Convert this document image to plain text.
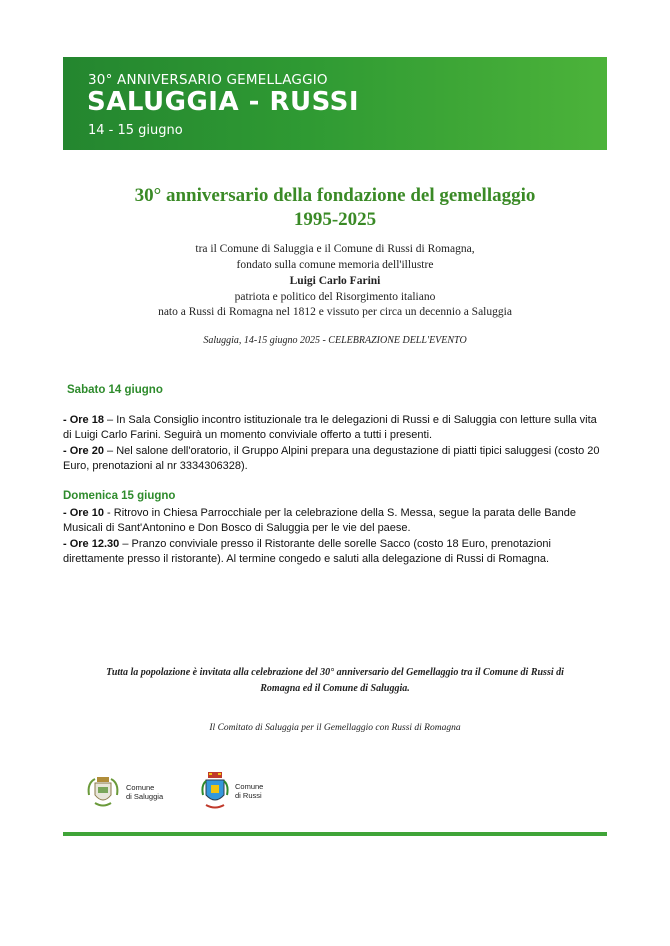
30° ANNIVERSARIO GEMELLAGGIO
SALUGGIA - RUSSI
14 - 15 giugno
30° anniversario della fondazione del gemellaggio
1995-2025
tra il Comune di Saluggia e il Comune di Russi di Romagna,
fondato sulla comune memoria dell'illustre
Luigi Carlo Farini
patriota e politico del Risorgimento italiano
nato a Russi di Romagna nel 1812 e vissuto per circa un decennio a Saluggia
Saluggia, 14-15 giugno 2025 - CELEBRAZIONE DELL'EVENTO
Sabato 14 giugno
- Ore 18 – In Sala Consiglio incontro istituzionale tra le delegazioni di Russi e di Saluggia con letture sulla vita di Luigi Carlo Farini. Seguirà un momento conviviale offerto a tutti i presenti.
- Ore 20 – Nel salone dell'oratorio, il Gruppo Alpini prepara una degustazione di piatti tipici saluggesi (costo 20 Euro, prenotazioni al nr 3334306328).
Domenica 15 giugno
- Ore 10 - Ritrovo in Chiesa Parrocchiale per la celebrazione della S. Messa, segue la parata delle Bande Musicali di Sant'Antonino e Don Bosco di Saluggia per le vie del paese.
- Ore 12.30 – Pranzo conviviale presso il Ristorante delle sorelle Sacco (costo 18 Euro, prenotazioni direttamente presso il ristorante). Al termine congedo e saluti alla delegazione di Russi di Romagna.
Tutta la popolazione è invitata alla celebrazione del 30° anniversario del Gemellaggio tra il Comune di Russi di
Romagna ed il Comune di Saluggia.
Il Comitato di Saluggia per il Gemellaggio con Russi di Romagna
Comune
di Saluggia
Comune
di Russi
